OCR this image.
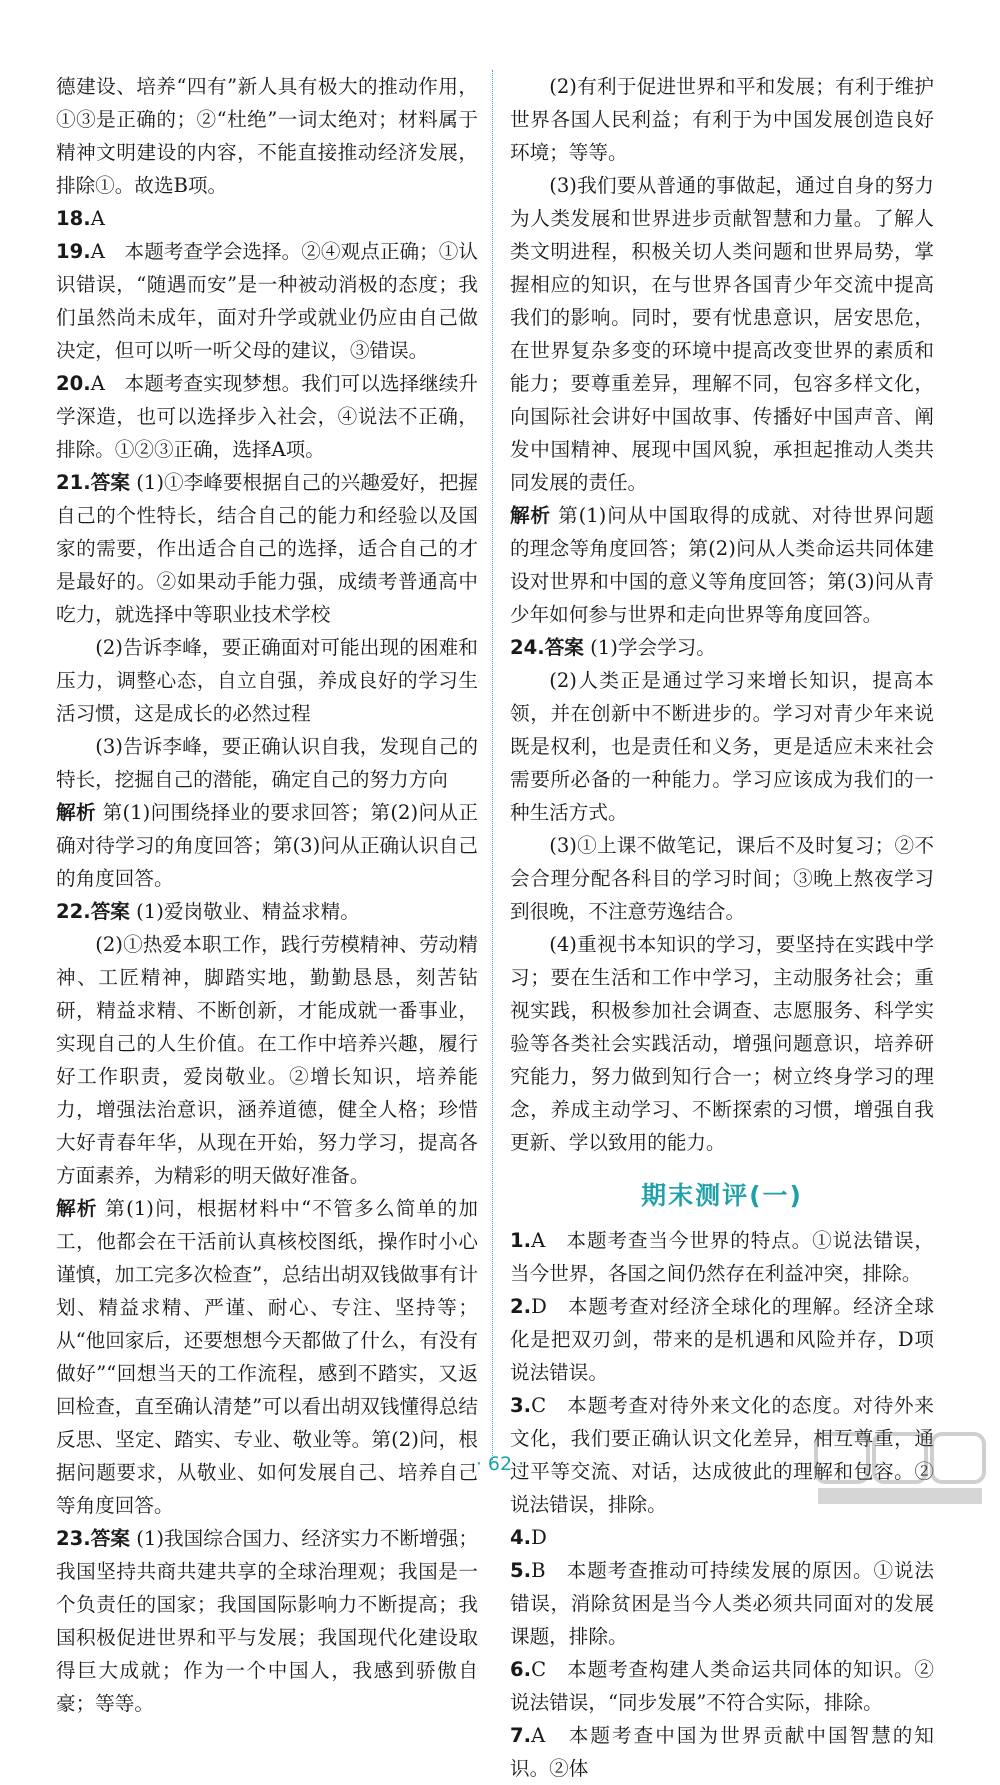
德建设、培养“四有”新人具有极大的推动作用，①③是正确的；②“杜绝”一词太绝对；材料属于精神文明建设的内容，不能直接推动经济发展，排除①。故选B项。

18.A

19.A　本题考查学会选择。②④观点正确；①认识错误，“随遇而安”是一种被动消极的态度；我们虽然尚未成年，面对升学或就业仍应由自己做决定，但可以听一听父母的建议，③错误。

20.A　本题考查实现梦想。我们可以选择继续升学深造，也可以选择步入社会，④说法不正确，排除。①②③正确，选择A项。

21.答案 (1)①李峰要根据自己的兴趣爱好，把握自己的个性特长，结合自己的能力和经验以及国家的需要，作出适合自己的选择，适合自己的才是最好的。②如果动手能力强，成绩考普通高中吃力，就选择中等职业技术学校

(2)告诉李峰，要正确面对可能出现的困难和压力，调整心态，自立自强，养成良好的学习生活习惯，这是成长的必然过程

(3)告诉李峰，要正确认识自我，发现自己的特长，挖掘自己的潜能，确定自己的努力方向

解析 第(1)问围绕择业的要求回答；第(2)问从正确对待学习的角度回答；第(3)问从正确认识自己的角度回答。

22.答案 (1)爱岗敬业、精益求精。

(2)①热爱本职工作，践行劳模精神、劳动精神、工匠精神，脚踏实地，勤勤恳恳，刻苦钻研，精益求精、不断创新，才能成就一番事业，实现自己的人生价值。在工作中培养兴趣，履行好工作职责，爱岗敬业。②增长知识，培养能力，增强法治意识，涵养道德，健全人格；珍惜大好青春年华，从现在开始，努力学习，提高各方面素养，为精彩的明天做好准备。

解析 第(1)问，根据材料中“不管多么简单的加工，他都会在干活前认真核校图纸，操作时小心谨慎，加工完多次检查”，总结出胡双钱做事有计划、精益求精、严谨、耐心、专注、坚持等；从“他回家后，还要想想今天都做了什么，有没有做好”“回想当天的工作流程，感到不踏实，又返回检查，直至确认清楚”可以看出胡双钱懂得总结反思、坚定、踏实、专业、敬业等。第(2)问，根据问题要求，从敬业、如何发展自己、培养自己等角度回答。

23.答案 (1)我国综合国力、经济实力不断增强；我国坚持共商共建共享的全球治理观；我国是一个负责任的国家；我国国际影响力不断提高；我国积极促进世界和平与发展；我国现代化建设取得巨大成就；作为一个中国人，我感到骄傲自豪；等等。

(2)有利于促进世界和平和发展；有利于维护世界各国人民利益；有利于为中国发展创造良好环境；等等。

(3)我们要从普通的事做起，通过自身的努力为人类发展和世界进步贡献智慧和力量。了解人类文明进程，积极关切人类问题和世界局势，掌握相应的知识，在与世界各国青少年交流中提高我们的影响。同时，要有忧患意识，居安思危，在世界复杂多变的环境中提高改变世界的素质和能力；要尊重差异，理解不同，包容多样文化，向国际社会讲好中国故事、传播好中国声音、阐发中国精神、展现中国风貌，承担起推动人类共同发展的责任。

解析 第(1)问从中国取得的成就、对待世界问题的理念等角度回答；第(2)问从人类命运共同体建设对世界和中国的意义等角度回答；第(3)问从青少年如何参与世界和走向世界等角度回答。

24.答案 (1)学会学习。

(2)人类正是通过学习来增长知识，提高本领，并在创新中不断进步的。学习对青少年来说既是权利，也是责任和义务，更是适应未来社会需要所必备的一种能力。学习应该成为我们的一种生活方式。

(3)①上课不做笔记，课后不及时复习；②不会合理分配各科目的学习时间；③晚上熬夜学习到很晚，不注意劳逸结合。

(4)重视书本知识的学习，要坚持在实践中学习；要在生活和工作中学习，主动服务社会；重视实践，积极参加社会调查、志愿服务、科学实验等各类社会实践活动，增强问题意识，培养研究能力，努力做到知行合一；树立终身学习的理念，养成主动学习、不断探索的习惯，增强自我更新、学以致用的能力。

期末测评(一)

1.A　本题考查当今世界的特点。①说法错误，当今世界，各国之间仍然存在利益冲突，排除。

2.D　本题考查对经济全球化的理解。经济全球化是把双刃剑，带来的是机遇和风险并存，D项说法错误。

3.C　本题考查对待外来文化的态度。对待外来文化，我们要正确认识文化差异，相互尊重，通过平等交流、对话，达成彼此的理解和包容。②说法错误，排除。

4.D

5.B　本题考查推动可持续发展的原因。①说法错误，消除贫困是当今人类必须共同面对的发展课题，排除。

6.C　本题考查构建人类命运共同体的知识。②说法错误，“同步发展”不符合实际，排除。

7.A　本题考查中国为世界贡献中国智慧的知识。②体

· 62 ·
